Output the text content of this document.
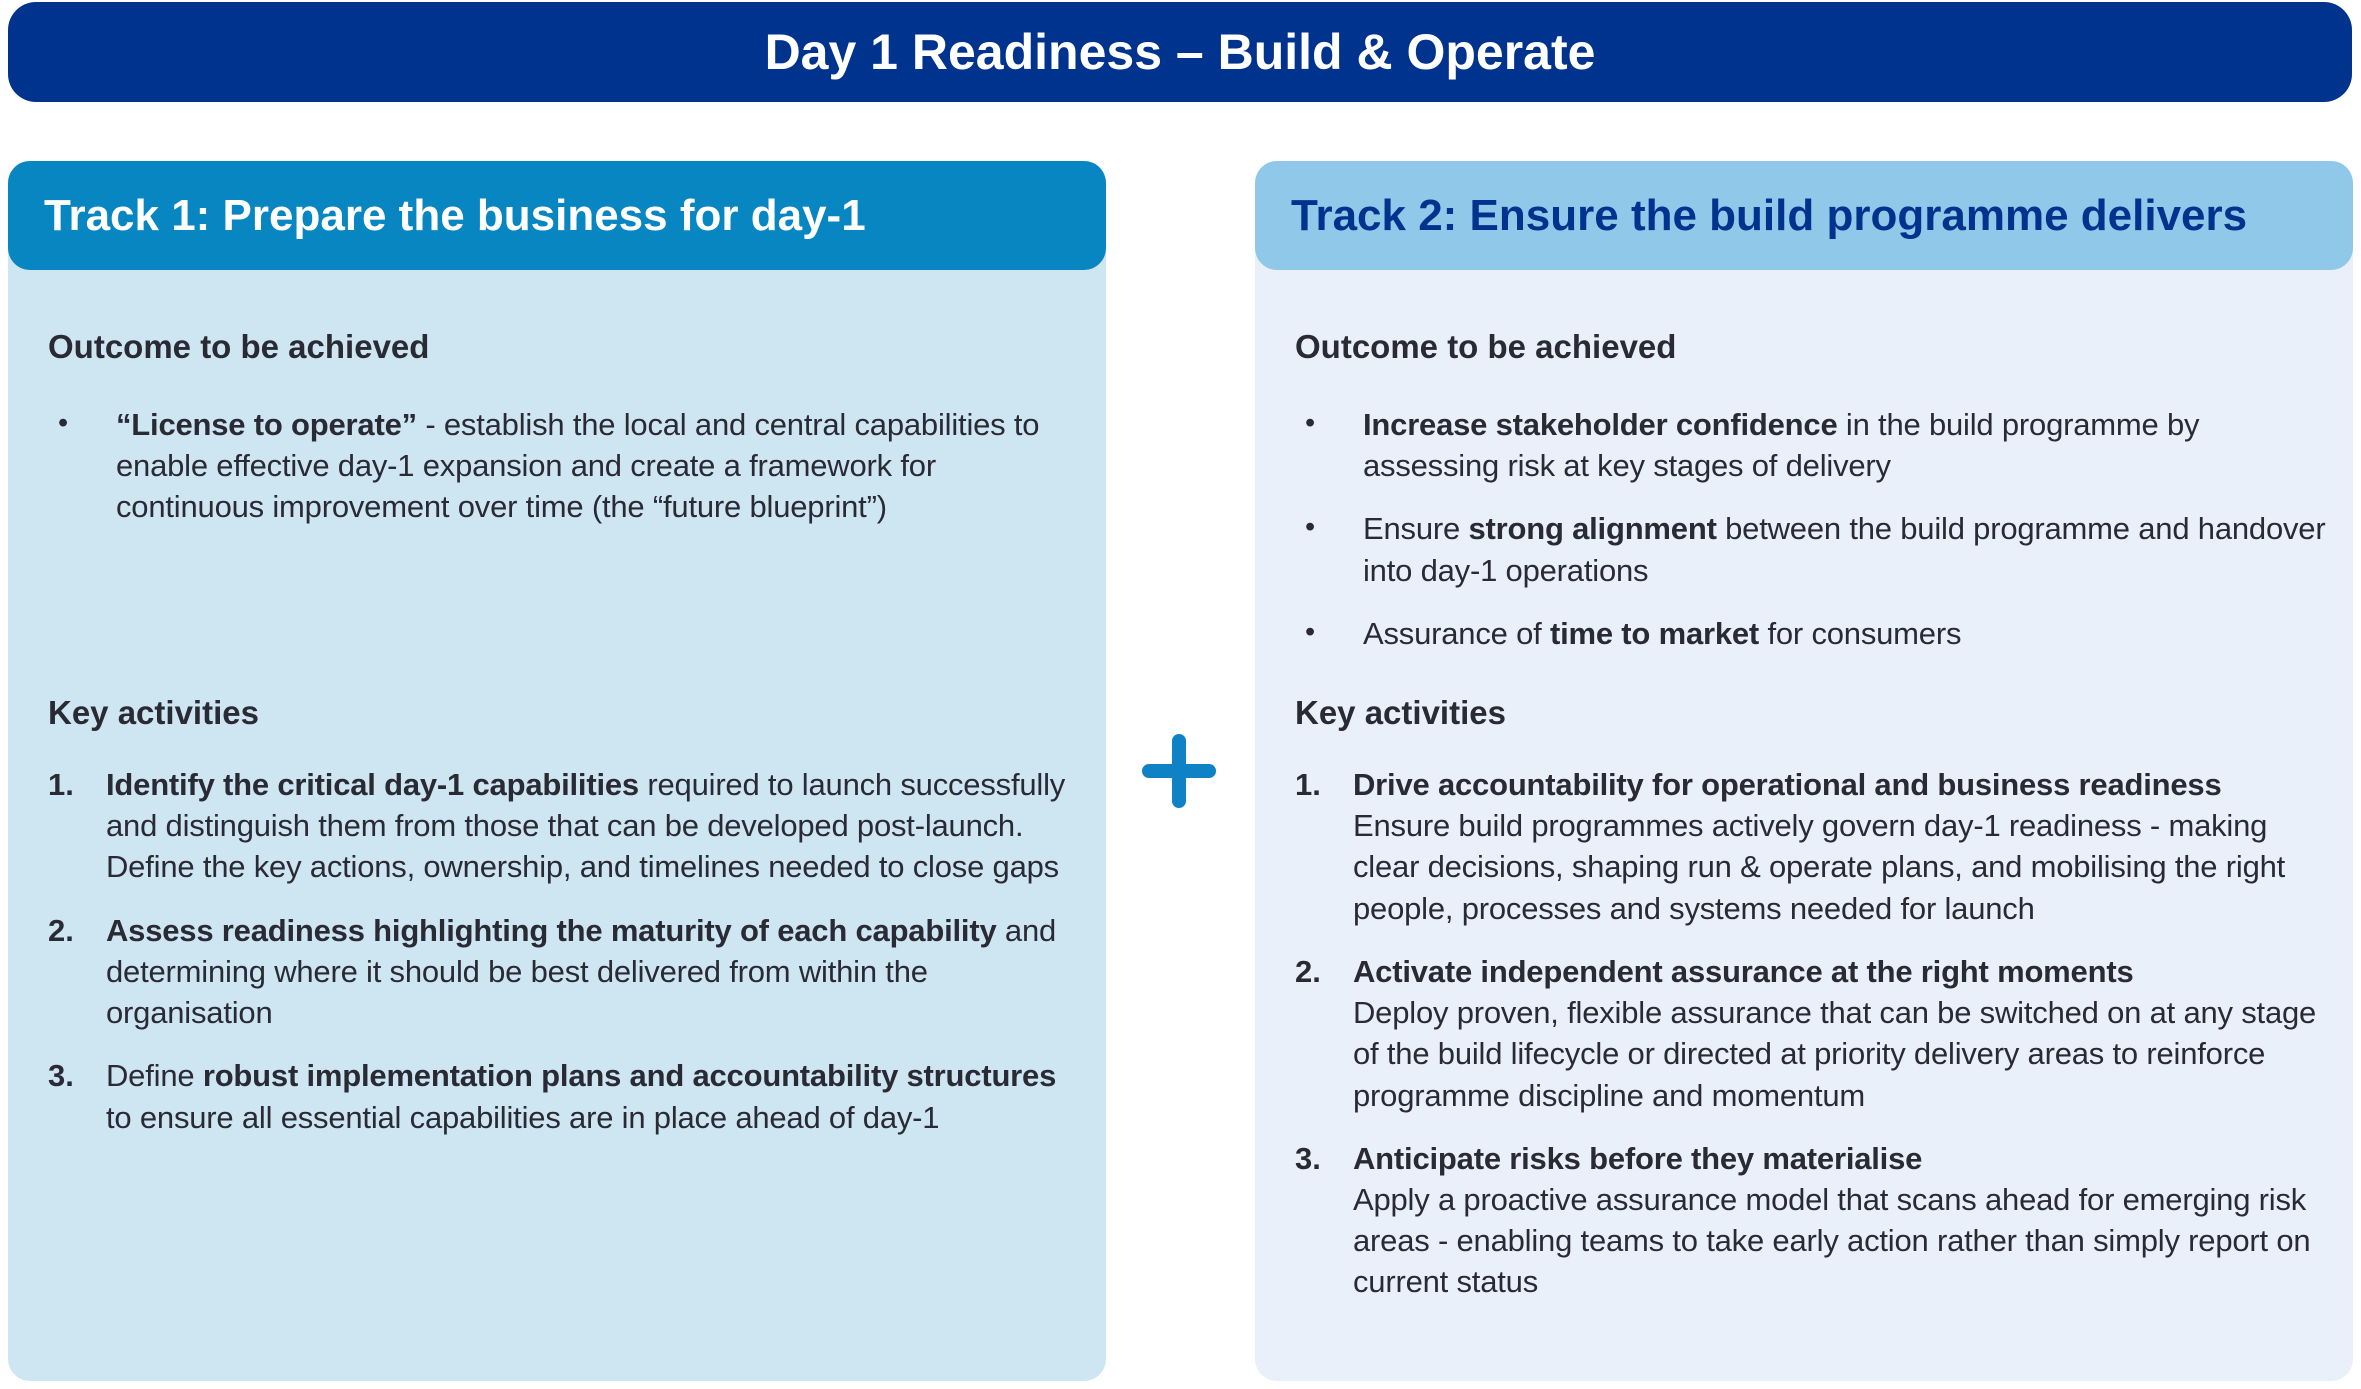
Day 1 Readiness – Build & Operate
Track 1: Prepare the business for day-1

Outcome to be achieved

•	“License to operate” - establish the local and central capabilities to enable effective day-1 expansion and create a framework for continuous improvement over time (the “future blueprint”)

Key activities

1.	Identify the critical day-1 capabilities required to launch successfully and distinguish them from those that can be developed post-launch. Define the key actions, ownership, and timelines needed to close gaps

2.	Assess readiness highlighting the maturity of each capability and determining where it should be best delivered from within the organisation

3.	Define robust implementation plans and accountability structures to ensure all essential capabilities are in place ahead of day-1

Track 2: Ensure the build programme delivers

Outcome to be achieved

•	Increase stakeholder confidence in the build programme by assessing risk at key stages of delivery

•	Ensure strong alignment between the build programme and handover into day-1 operations

•	Assurance of time to market for consumers

Key activities

1.	Drive accountability for operational and business readiness
Ensure build programmes actively govern day-1 readiness - making clear decisions, shaping run & operate plans, and mobilising the right people, processes and systems needed for launch

2.	Activate independent assurance at the right moments
Deploy proven, flexible assurance that can be switched on at any stage of the build lifecycle or directed at priority delivery areas to reinforce programme discipline and momentum

3.	Anticipate risks before they materialise
Apply a proactive assurance model that scans ahead for emerging risk areas - enabling teams to take early action rather than simply report on current status
